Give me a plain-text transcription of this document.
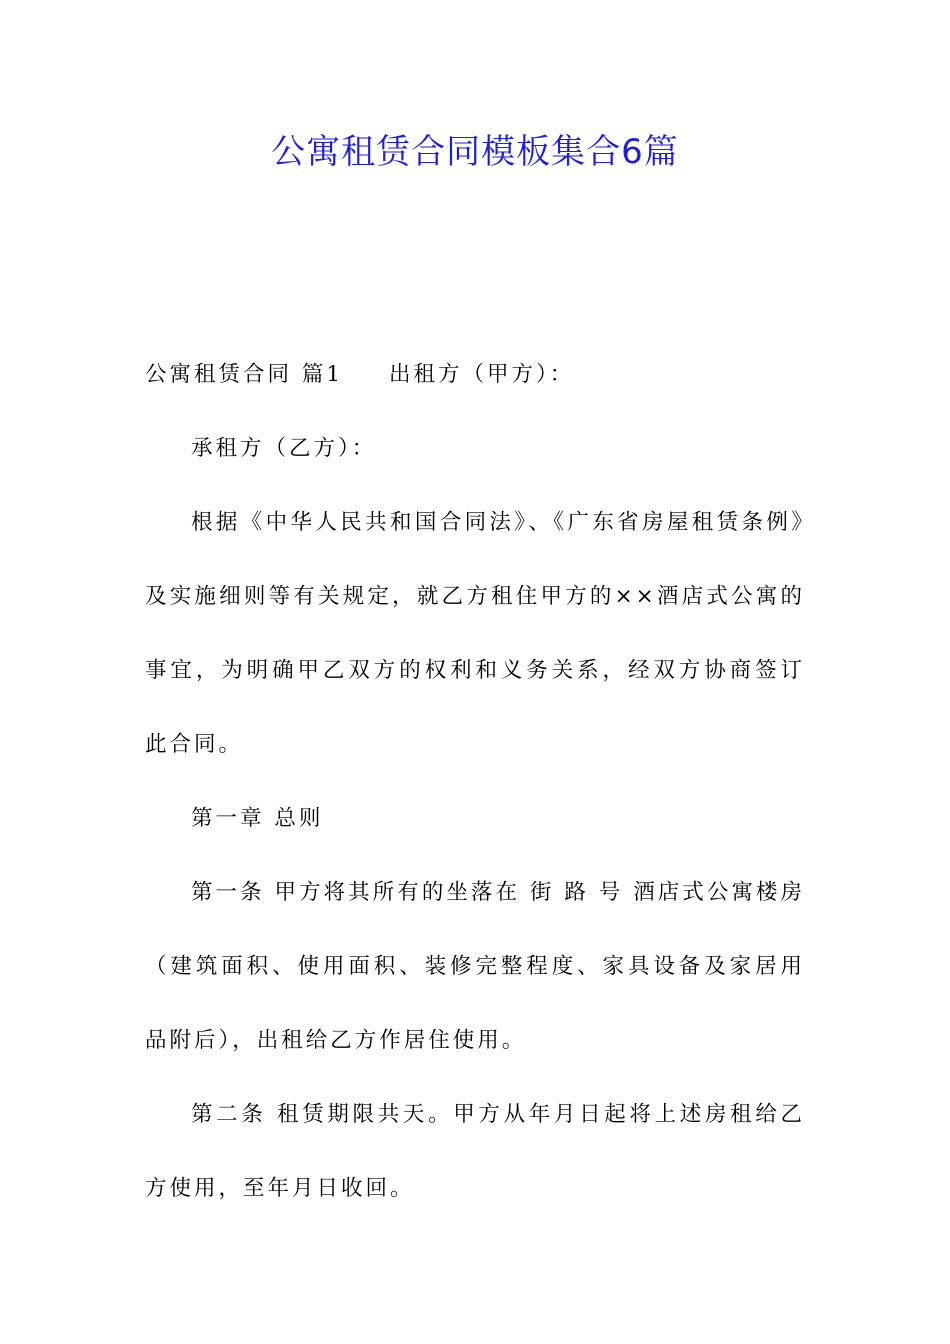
公寓租赁合同模板集合6篇

公寓租赁合同 篇1 出租方（甲方）：

承租方（乙方）：

根据《中华人民共和国合同法》、《广东省房屋租赁条例》及实施细则等有关规定，就乙方租住甲方的××酒店式公寓的事宜，为明确甲乙双方的权利和义务关系，经双方协商签订此合同。

第一章 总则

第一条 甲方将其所有的坐落在 街 路 号 酒店式公寓楼房（建筑面积、使用面积、装修完整程度、家具设备及家居用品附后），出租给乙方作居住使用。

第二条 租赁期限共天。甲方从年月日起将上述房租给乙方使用，至年月日收回。
